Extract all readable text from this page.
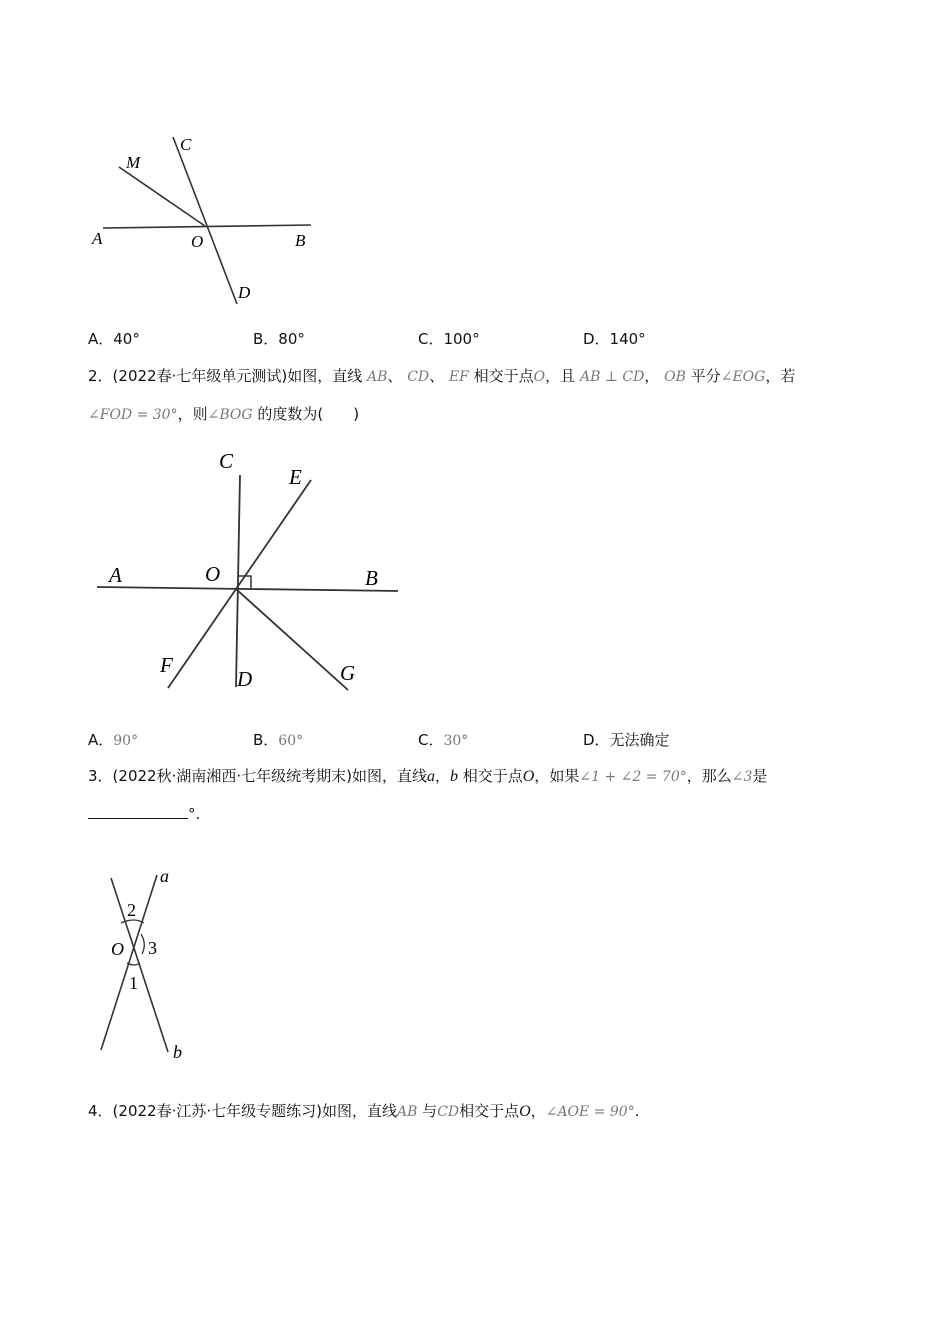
C
M
A	O	B
D
A．40°	B．80°	C．100°	D．140°
2．(2022春·七年级单元测试)如图，直线 AB、 CD、 EF 相交于点O，且 AB ⊥ CD， OB 平分∠EOG，若
∠FOD = 30°，则∠BOG 的度数为(　　)
C
E
A	O	B
F
D	G
A．90°	B．60°	C．30°	D．无法确定
3．(2022秋·湖南湘西·七年级统考期末)如图，直线a，b 相交于点O，如果∠1 + ∠2 = 70°，那么∠3是
°.
a
2
O 3
1
b
4．(2022春·江苏·七年级专题练习)如图，直线AB 与CD相交于点O，∠AOE = 90°.
